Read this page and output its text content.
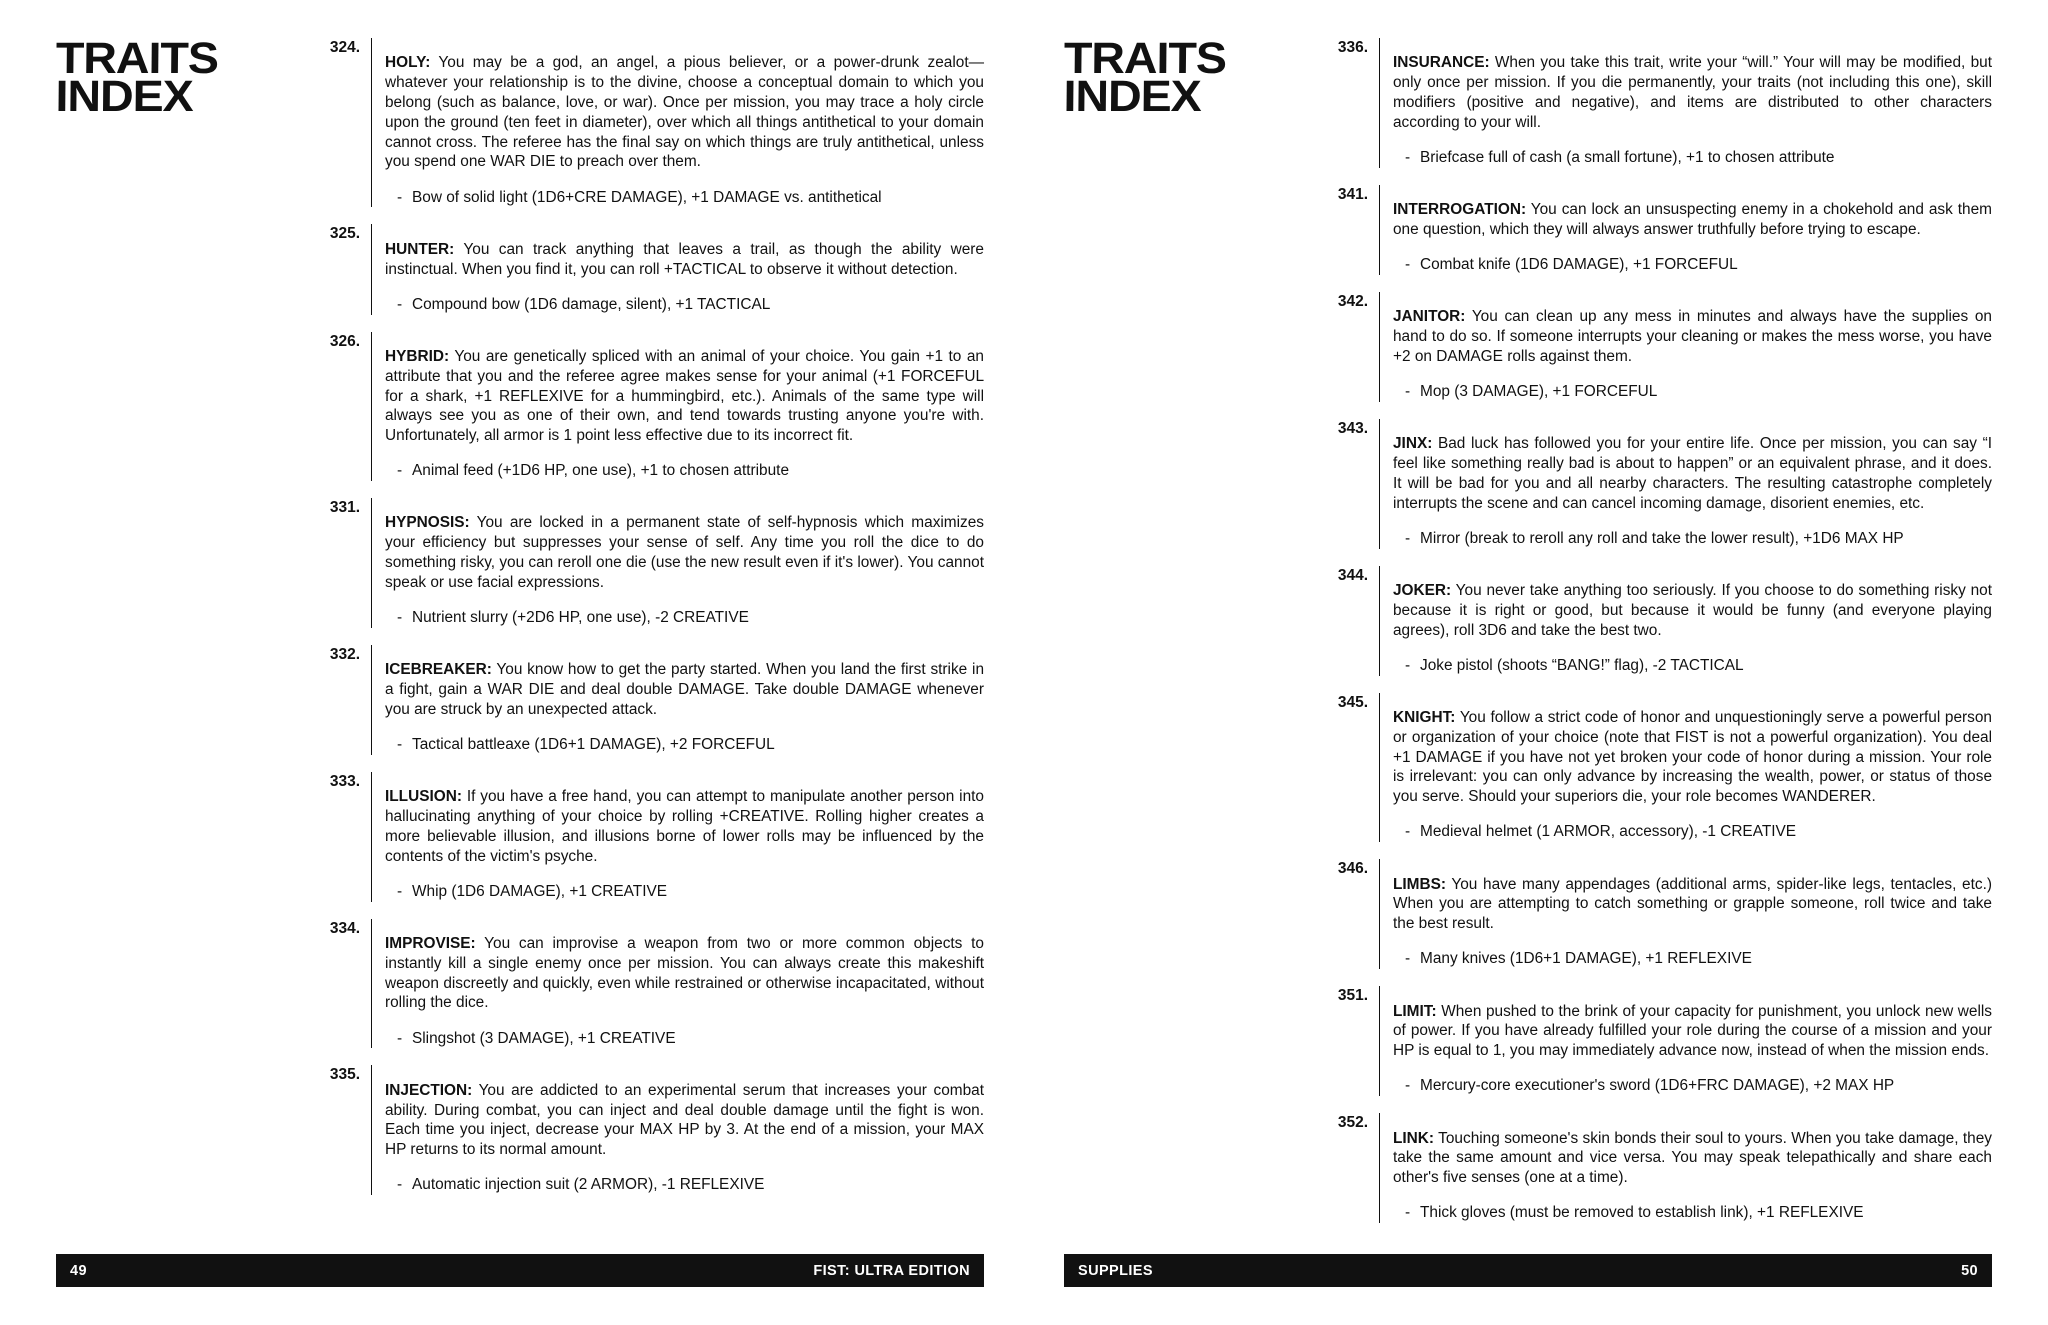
TRAITS
INDEX
324.

HOLY: You may be a god, an angel, a pious believer, or a power-drunk zealot—whatever your relationship is to the divine, choose a conceptual domain to which you belong (such as balance, love, or war). Once per mission, you may trace a holy circle upon the ground (ten feet in diameter), over which all things antithetical to your domain cannot cross. The referee has the final say on which things are truly antithetical, unless you spend one WAR DIE to preach over them.

- Bow of solid light (1D6+CRE DAMAGE), +1 DAMAGE vs. antithetical
325.

HUNTER: You can track anything that leaves a trail, as though the ability were instinctual. When you find it, you can roll +TACTICAL to observe it without detection.

- Compound bow (1D6 damage, silent), +1 TACTICAL
326.

HYBRID: You are genetically spliced with an animal of your choice. You gain +1 to an attribute that you and the referee agree makes sense for your animal (+1 FORCEFUL for a shark, +1 REFLEXIVE for a hummingbird, etc.). Animals of the same type will always see you as one of their own, and tend towards trusting anyone you're with. Unfortunately, all armor is 1 point less effective due to its incorrect fit.

- Animal feed (+1D6 HP, one use), +1 to chosen attribute
331.

HYPNOSIS: You are locked in a permanent state of self-hypnosis which maximizes your efficiency but suppresses your sense of self. Any time you roll the dice to do something risky, you can reroll one die (use the new result even if it's lower). You cannot speak or use facial expressions.

- Nutrient slurry (+2D6 HP, one use), -2 CREATIVE
332.

ICEBREAKER: You know how to get the party started. When you land the first strike in a fight, gain a WAR DIE and deal double DAMAGE. Take double DAMAGE whenever you are struck by an unexpected attack.

- Tactical battleaxe (1D6+1 DAMAGE), +2 FORCEFUL
333.

ILLUSION: If you have a free hand, you can attempt to manipulate another person into hallucinating anything of your choice by rolling +CREATIVE. Rolling higher creates a more believable illusion, and illusions borne of lower rolls may be influenced by the contents of the victim's psyche.

- Whip (1D6 DAMAGE), +1 CREATIVE
334.

IMPROVISE: You can improvise a weapon from two or more common objects to instantly kill a single enemy once per mission. You can always create this makeshift weapon discreetly and quickly, even while restrained or otherwise incapacitated, without rolling the dice.

- Slingshot (3 DAMAGE), +1 CREATIVE
335.

INJECTION: You are addicted to an experimental serum that increases your combat ability. During combat, you can inject and deal double damage until the fight is won. Each time you inject, decrease your MAX HP by 3. At the end of a mission, your MAX HP returns to its normal amount.

- Automatic injection suit (2 ARMOR), -1 REFLEXIVE
49	FIST: ULTRA EDITION
TRAITS
INDEX
336.

INSURANCE: When you take this trait, write your “will.” Your will may be modified, but only once per mission. If you die permanently, your traits (not including this one), skill modifiers (positive and negative), and items are distributed to other characters according to your will.

- Briefcase full of cash (a small fortune), +1 to chosen attribute
341.

INTERROGATION: You can lock an unsuspecting enemy in a chokehold and ask them one question, which they will always answer truthfully before trying to escape.

- Combat knife (1D6 DAMAGE), +1 FORCEFUL
342.

JANITOR: You can clean up any mess in minutes and always have the supplies on hand to do so. If someone interrupts your cleaning or makes the mess worse, you have +2 on DAMAGE rolls against them.

- Mop (3 DAMAGE), +1 FORCEFUL
343.

JINX: Bad luck has followed you for your entire life. Once per mission, you can say “I feel like something really bad is about to happen” or an equivalent phrase, and it does. It will be bad for you and all nearby characters. The resulting catastrophe completely interrupts the scene and can cancel incoming damage, disorient enemies, etc.

- Mirror (break to reroll any roll and take the lower result), +1D6 MAX HP
344.

JOKER: You never take anything too seriously. If you choose to do something risky not because it is right or good, but because it would be funny (and everyone playing agrees), roll 3D6 and take the best two.

- Joke pistol (shoots “BANG!” flag), -2 TACTICAL
345.

KNIGHT: You follow a strict code of honor and unquestioningly serve a powerful person or organization of your choice (note that FIST is not a powerful organization). You deal +1 DAMAGE if you have not yet broken your code of honor during a mission. Your role is irrelevant: you can only advance by increasing the wealth, power, or status of those you serve. Should your superiors die, your role becomes WANDERER.

- Medieval helmet (1 ARMOR, accessory), -1 CREATIVE
346.

LIMBS: You have many appendages (additional arms, spider-like legs, tentacles, etc.) When you are attempting to catch something or grapple someone, roll twice and take the best result.

- Many knives (1D6+1 DAMAGE), +1 REFLEXIVE
351.

LIMIT: When pushed to the brink of your capacity for punishment, you unlock new wells of power. If you have already fulfilled your role during the course of a mission and your HP is equal to 1, you may immediately advance now, instead of when the mission ends.

- Mercury-core executioner's sword (1D6+FRC DAMAGE), +2 MAX HP
352.

LINK: Touching someone's skin bonds their soul to yours. When you take damage, they take the same amount and vice versa. You may speak telepathically and share each other's five senses (one at a time).

- Thick gloves (must be removed to establish link), +1 REFLEXIVE
SUPPLIES	50
